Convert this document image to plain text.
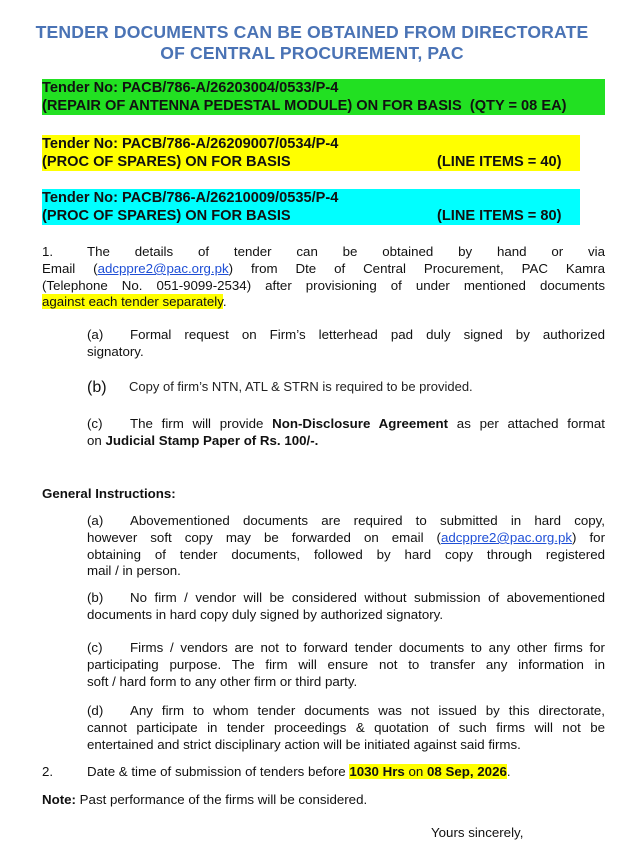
TENDER DOCUMENTS CAN BE OBTAINED FROM DIRECTORATE
OF CENTRAL PROCUREMENT, PAC
Tender No: PACB/786-A/26203004/0533/P-4
(REPAIR OF ANTENNA PEDESTAL MODULE) ON FOR BASIS (QTY = 08 EA)
Tender No: PACB/786-A/26209007/0534/P-4
(PROC OF SPARES) ON FOR BASIS	(LINE ITEMS = 40)

Tender No: PACB/786-A/26210009/0535/P-4
(PROC OF SPARES) ON FOR BASIS	(LINE ITEMS = 80)

1.	The details of tender can be obtained by hand or via
Email (adcppre2@pac.org.pk) from Dte of Central Procurement, PAC Kamra
(Telephone No. 051-9099-2534) after provisioning of under mentioned documents
against each tender separately.
(a) Formal request on Firm’s letterhead pad duly signed by authorized
signatory.
(b) Copy of firm’s NTN, ATL & STRN is required to be provided.

(c) The firm will provide Non-Disclosure Agreement as per attached format
on Judicial Stamp Paper of Rs. 100/-.
General Instructions:
(a) Abovementioned documents are required to submitted in hard copy,
however soft copy may be forwarded on email (adcppre2@pac.org.pk) for
obtaining of tender documents, followed by hard copy through registered
mail / in person.
(b) No firm / vendor will be considered without submission of abovementioned
documents in hard copy duly signed by authorized signatory.
(c) Firms / vendors are not to forward tender documents to any other firms for
participating purpose. The firm will ensure not to transfer any information in
soft / hard form to any other firm or third party.
(d) Any firm to whom tender documents was not issued by this directorate,
cannot participate in tender proceedings & quotation of such firms will not be
entertained and strict disciplinary action will be initiated against said firms.
2.	Date & time of submission of tenders before 1030 Hrs on 08 Sep, 2026.
Note: Past performance of the firms will be considered.
Yours sincerely,
